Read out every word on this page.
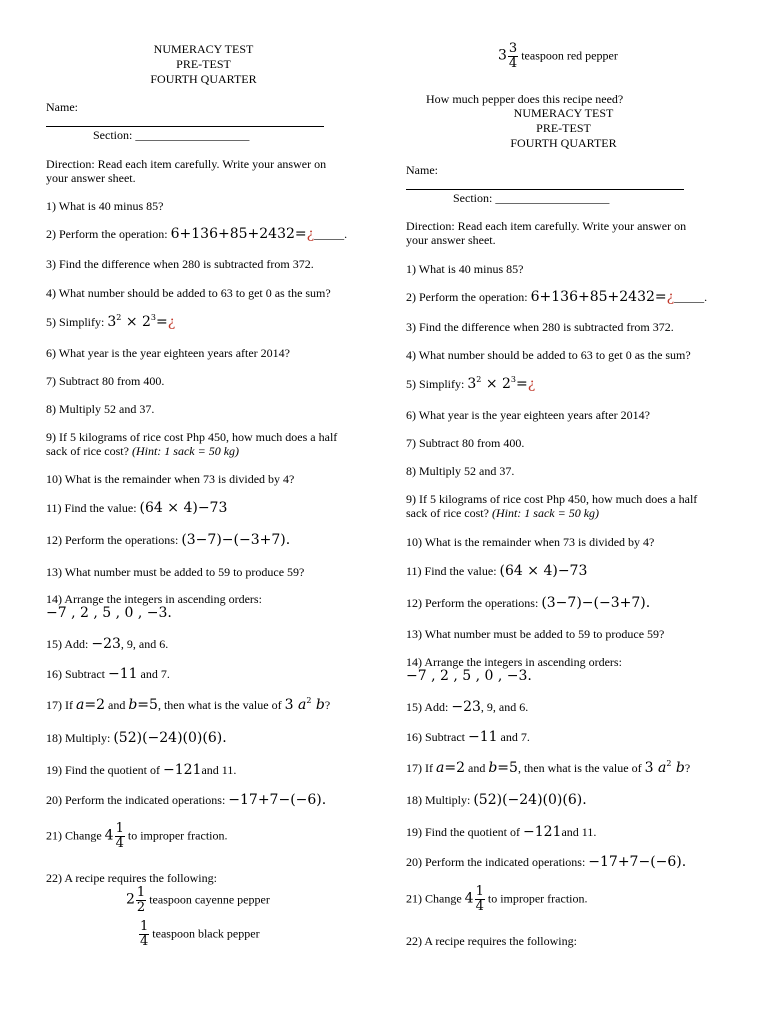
NUMERACY TEST
PRE-TEST
FOURTH QUARTER
Name:
Section: ___________________
Direction: Read each item carefully. Write your answer on
your answer sheet.
1) What is 40 minus 85?
2) Perform the operation: 6+136+85+2432=¿_____.
3) Find the difference when 280 is subtracted from 372.
4) What number should be added to 63 to get 0 as the sum?
5) Simplify: $3^2$ × $2^3=¿$
6) What year is the year eighteen years after 2014?
7) Subtract 80 from 400.
8) Multiply 52 and 37.
9) If 5 kilograms of rice cost Php 450, how much does a half
sack of rice cost? (Hint: 1 sack = 50 kg)
10) What is the remainder when 73 is divided by 4?
11) Find the value: (64 × 4)−73
12) Perform the operations: (3−7)−(−3+7).
13) What number must be added to 59 to produce 59?
14) Arrange the integers in ascending orders:
−7 , 2 , 5 , 0 , −3.
15) Add: −23, 9, and 6.
16) Subtract −11 and 7.
17) If a=2 and b=5, then what is the value of 3 $a^2$ b?
18) Multiply: (52)(−24)(0)(6).
19) Find the quotient of −121and 11.
20) Perform the indicated operations: −17+7−(−6).
21) Change $4 \frac{1}{4}$ to improper fraction.
22) A recipe requires the following:
$2 \frac{1}{2}$ teaspoon cayenne pepper
$\frac{1}{4}$ teaspoon black pepper
$3 \frac{3}{4}$ teaspoon red pepper
How much pepper does this recipe need?
NUMERACY TEST
PRE-TEST
FOURTH QUARTER
Name:
Section: ___________________
Direction: Read each item carefully. Write your answer on
your answer sheet.
1) What is 40 minus 85?
2) Perform the operation: 6+136+85+2432=¿_____.
3) Find the difference when 280 is subtracted from 372.
4) What number should be added to 63 to get 0 as the sum?
5) Simplify: $3^2$ × $2^3=¿$
6) What year is the year eighteen years after 2014?
7) Subtract 80 from 400.
8) Multiply 52 and 37.
9) If 5 kilograms of rice cost Php 450, how much does a half
sack of rice cost? (Hint: 1 sack = 50 kg)
10) What is the remainder when 73 is divided by 4?
11) Find the value: (64 × 4)−73
12) Perform the operations: (3−7)−(−3+7).
13) What number must be added to 59 to produce 59?
14) Arrange the integers in ascending orders:
−7 , 2 , 5 , 0 , −3.
15) Add: −23, 9, and 6.
16) Subtract −11 and 7.
17) If a=2 and b=5, then what is the value of 3 $a^2$ b?
18) Multiply: (52)(−24)(0)(6).
19) Find the quotient of −121and 11.
20) Perform the indicated operations: −17+7−(−6).
21) Change $4 \frac{1}{4}$ to improper fraction.
22) A recipe requires the following:
